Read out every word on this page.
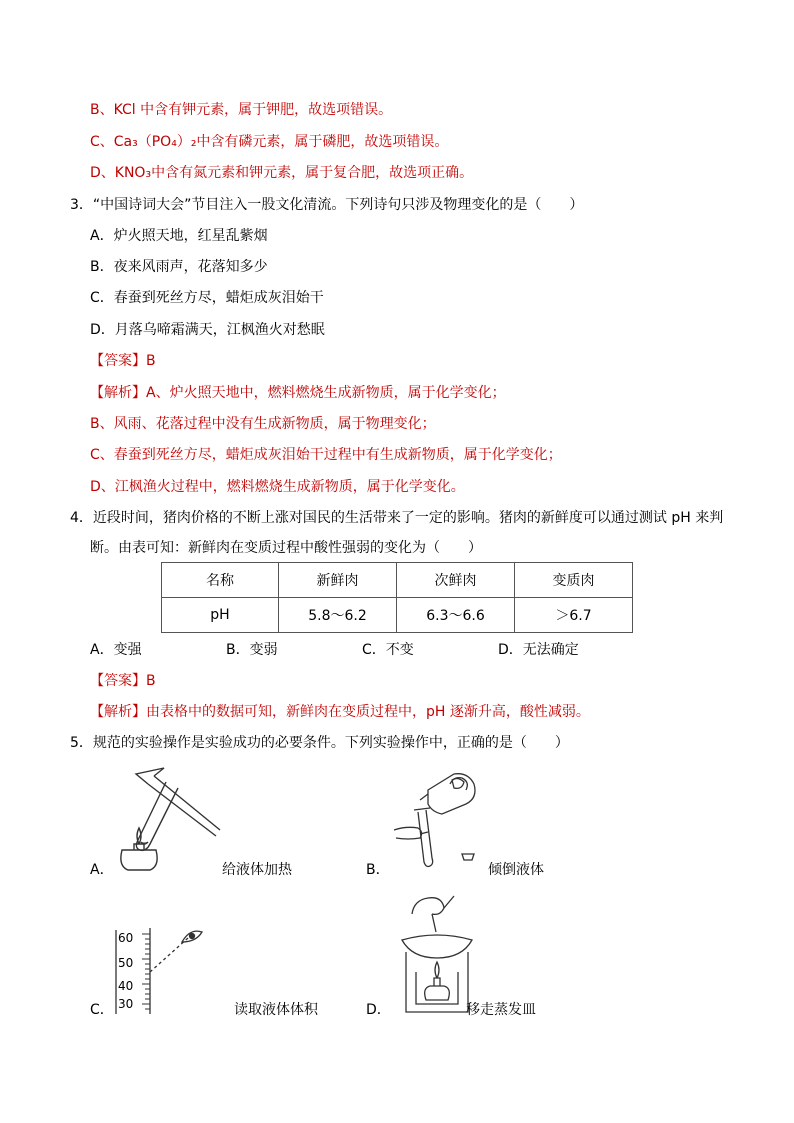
B、KCl 中含有钾元素，属于钾肥，故选项错误。
C、Ca₃（PO₄）₂中含有磷元素，属于磷肥，故选项错误。
D、KNO₃中含有氮元素和钾元素，属于复合肥，故选项正确。
3．“中国诗词大会”节目注入一股文化清流。下列诗句只涉及物理变化的是（　　）
A．炉火照天地，红星乱紫烟
B．夜来风雨声，花落知多少
C．春蚕到死丝方尽，蜡炬成灰泪始干
D．月落乌啼霜满天，江枫渔火对愁眠
【答案】B
【解析】A、炉火照天地中，燃料燃烧生成新物质，属于化学变化；
B、风雨、花落过程中没有生成新物质，属于物理变化；
C、春蚕到死丝方尽，蜡炬成灰泪始干过程中有生成新物质，属于化学变化；
D、江枫渔火过程中，燃料燃烧生成新物质，属于化学变化。
4．近段时间，猪肉价格的不断上涨对国民的生活带来了一定的影响。猪肉的新鲜度可以通过测试 pH 来判
断。由表可知：新鲜肉在变质过程中酸性强弱的变化为（　　）
名称	新鲜肉	次鲜肉	变质肉
pH	5.8～6.2	6.3～6.6	＞6.7
A．变强	B．变弱	C．不变	D．无法确定
【答案】B
【解析】由表格中的数据可知，新鲜肉在变质过程中，pH 逐渐升高，酸性减弱。
5．规范的实验操作是实验成功的必要条件。下列实验操作中，正确的是（　　）
A．	给液体加热	B．	倾倒液体
60
50
40
30
C．	读取液体体积	D．	移走蒸发皿
